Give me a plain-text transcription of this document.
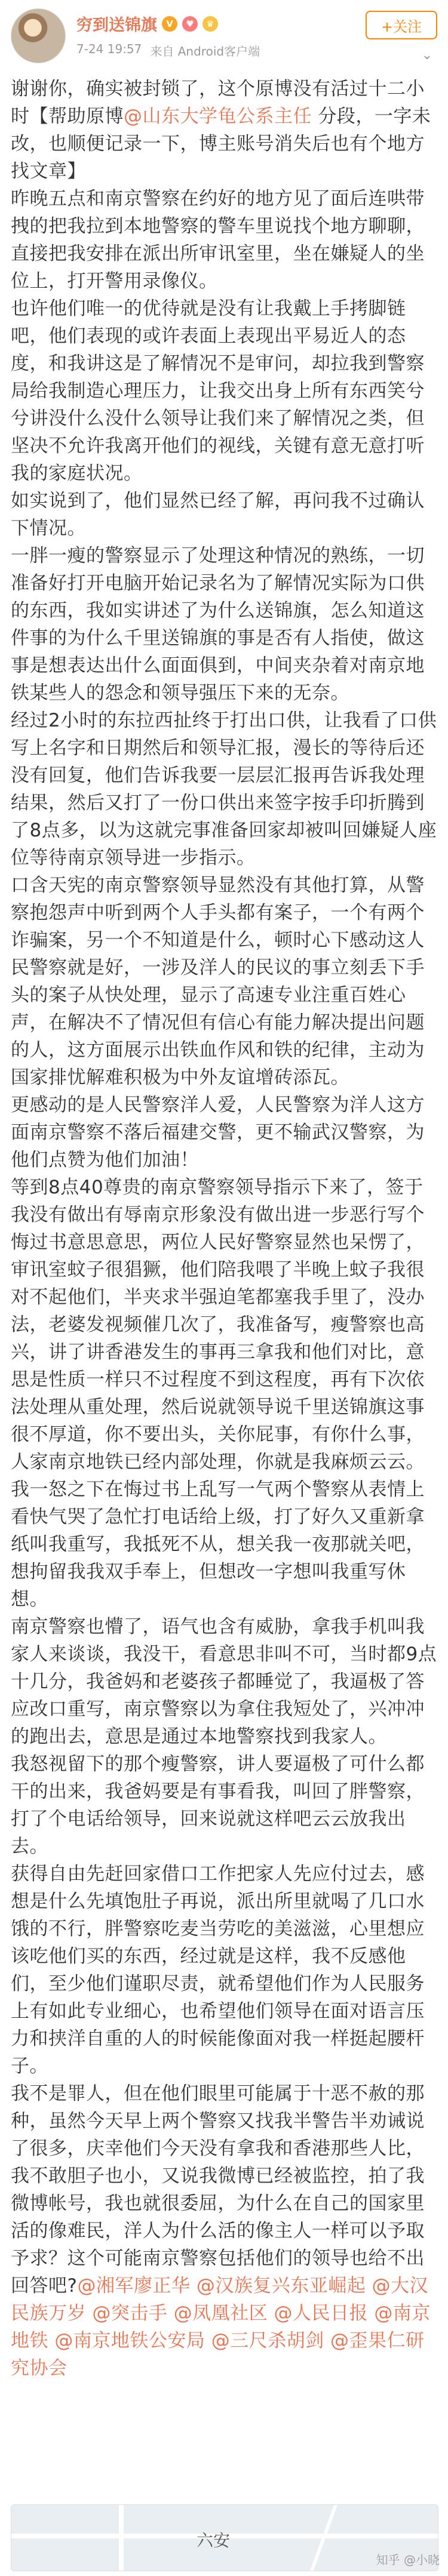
穷到送锦旗	V	♥	♛
7-24 19:57 来自 Android客户端
+关注
⌄

谢谢你，确实被封锁了，这个原博没有活过十二小时【帮助原博@山东大学龟公系主任 分段，一字未改，也顺便记录一下，博主账号消失后也有个地方找文章】

昨晚五点和南京警察在约好的地方见了面后连哄带拽的把我拉到本地警察的警车里说找个地方聊聊，直接把我安排在派出所审讯室里，坐在嫌疑人的坐位上，打开警用录像仪。

也许他们唯一的优待就是没有让我戴上手拷脚链吧，他们表现的或许表面上表现出平易近人的态度，和我讲这是了解情况不是审问，却拉我到警察局给我制造心理压力，让我交出身上所有东西笑兮兮讲没什么没什么领导让我们来了解情况之类，但坚决不允许我离开他们的视线，关键有意无意打听我的家庭状况。

如实说到了，他们显然已经了解，再问我不过确认下情况。

一胖一瘦的警察显示了处理这种情况的熟练，一切准备好打开电脑开始记录名为了解情况实际为口供的东西，我如实讲述了为什么送锦旗，怎么知道这件事的为什么千里送锦旗的事是否有人指使，做这事是想表达出什么面面俱到，中间夹杂着对南京地铁某些人的怨念和领导强压下来的无奈。

经过2小时的东拉西扯终于打出口供，让我看了口供写上名字和日期然后和领导汇报，漫长的等待后还没有回复，他们告诉我要一层层汇报再告诉我处理结果，然后又打了一份口供出来签字按手印折腾到了8点多，以为这就完事准备回家却被叫回嫌疑人座位等待南京领导进一步指示。

口含天宪的南京警察领导显然没有其他打算，从警察抱怨声中听到两个人手头都有案子，一个有两个诈骗案，另一个不知道是什么，顿时心下感动这人民警察就是好，一涉及洋人的民议的事立刻丢下手头的案子从快处理，显示了高速专业注重百姓心声，在解决不了情况但有信心有能力解决提出问题的人，这方面展示出铁血作风和铁的纪律，主动为国家排忧解难积极为中外友谊增砖添瓦。

更感动的是人民警察洋人爱，人民警察为洋人这方面南京警察不落后福建交警，更不输武汉警察，为他们点赞为他们加油！

等到8点40尊贵的南京警察领导指示下来了，签于我没有做出有辱南京形象没有做出进一步恶行写个悔过书意思意思，两位人民好警察显然也呆愣了，审讯室蚊子很猖獗，他们陪我喂了半晚上蚊子我很对不起他们，半夹求半强迫笔都塞我手里了，没办法，老婆发视频催几次了，我准备写，瘦警察也高兴，讲了讲香港发生的事再三拿我和他们对比，意思是性质一样只不过程度不到这程度，再有下次依法处理从重处理，然后说就领导说千里送锦旗这事很不厚道，你不要出头，关你屁事，有你什么事，人家南京地铁已经内部处理，你就是我麻烦云云。

我一怒之下在悔过书上乱写一气两个警察从表情上看快气哭了急忙打电话给上级，打了好久又重新拿纸叫我重写，我抵死不从，想关我一夜那就关吧，想拘留我我双手奉上，但想改一字想叫我重写休想。

南京警察也懵了，语气也含有威胁，拿我手机叫我家人来谈谈，我没干，看意思非叫不可，当时都9点十几分，我爸妈和老婆孩子都睡觉了，我逼极了答应改口重写，南京警察以为拿住我短处了，兴冲冲的跑出去，意思是通过本地警察找到我家人。

我怒视留下的那个瘦警察，讲人要逼极了可什么都干的出来，我爸妈要是有事看我，叫回了胖警察，打了个电话给领导，回来说就这样吧云云放我出去。

获得自由先赶回家借口工作把家人先应付过去，感想是什么先填饱肚子再说，派出所里就喝了几口水饿的不行，胖警察吃麦当劳吃的美滋滋，心里想应该吃他们买的东西，经过就是这样，我不反感他们，至少他们谨职尽责，就希望他们作为人民服务上有如此专业细心，也希望他们领导在面对语言压力和挟洋自重的人的时候能像面对我一样挺起腰杆子。

我不是罪人，但在他们眼里可能属于十恶不赦的那种，虽然今天早上两个警察又找我半警告半劝诫说了很多，庆幸他们今天没有拿我和香港那些人比，我不敢胆子也小，又说我微博已经被监控，拍了我微博帐号，我也就很委屈，为什么在自己的国家里活的像难民，洋人为什么活的像主人一样可以予取予求？这个可能南京警察包括他们的领导也给不出回答吧?@湘军廖正华 @汉族复兴东亚崛起 @大汉民族万岁 @突击手 @凤凰社区 @人民日报 @南京地铁 @南京地铁公安局 @三尺杀胡剑 @歪果仁研究协会

六安
知乎 @小晓
